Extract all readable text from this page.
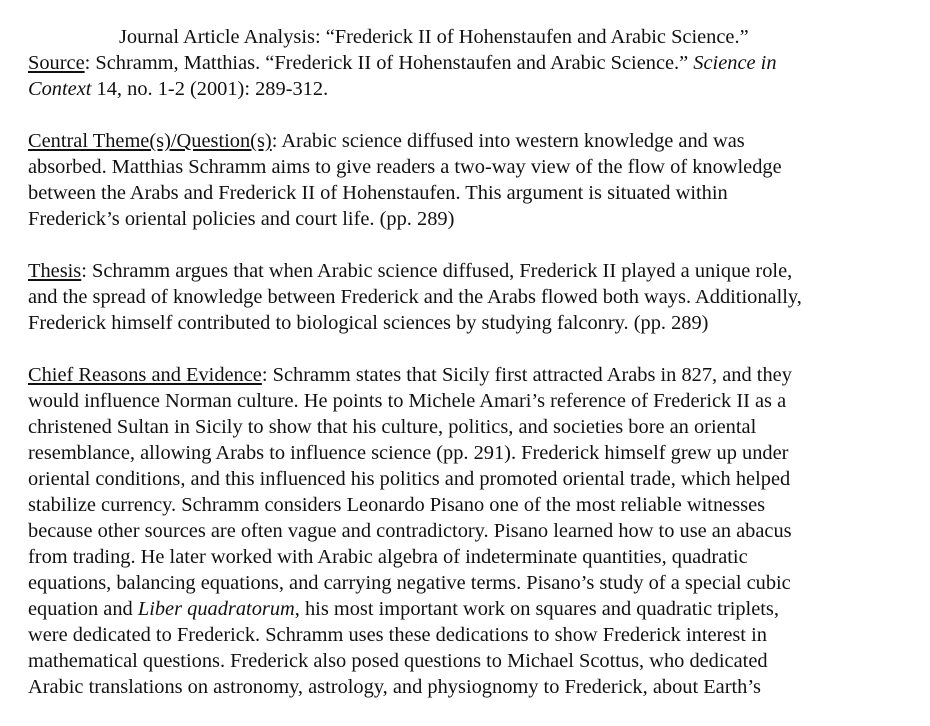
Journal Article Analysis: “Frederick II of Hohenstaufen and Arabic Science.”

Source: Schramm, Matthias. “Frederick II of Hohenstaufen and Arabic Science.” Science in
Context 14, no. 1-2 (2001): 289-312.
Central Theme(s)/Question(s): Arabic science diffused into western knowledge and was
absorbed. Matthias Schramm aims to give readers a two-way view of the flow of knowledge
between the Arabs and Frederick II of Hohenstaufen. This argument is situated within
Frederick’s oriental policies and court life. (pp. 289)
Thesis: Schramm argues that when Arabic science diffused, Frederick II played a unique role,
and the spread of knowledge between Frederick and the Arabs flowed both ways. Additionally,
Frederick himself contributed to biological sciences by studying falconry. (pp. 289)
Chief Reasons and Evidence: Schramm states that Sicily first attracted Arabs in 827, and they
would influence Norman culture. He points to Michele Amari’s reference of Frederick II as a
christened Sultan in Sicily to show that his culture, politics, and societies bore an oriental
resemblance, allowing Arabs to influence science (pp. 291). Frederick himself grew up under
oriental conditions, and this influenced his politics and promoted oriental trade, which helped
stabilize currency. Schramm considers Leonardo Pisano one of the most reliable witnesses
because other sources are often vague and contradictory. Pisano learned how to use an abacus
from trading. He later worked with Arabic algebra of indeterminate quantities, quadratic
equations, balancing equations, and carrying negative terms. Pisano’s study of a special cubic
equation and Liber quadratorum, his most important work on squares and quadratic triplets,
were dedicated to Frederick. Schramm uses these dedications to show Frederick interest in
mathematical questions. Frederick also posed questions to Michael Scottus, who dedicated
Arabic translations on astronomy, astrology, and physiognomy to Frederick, about Earth’s
